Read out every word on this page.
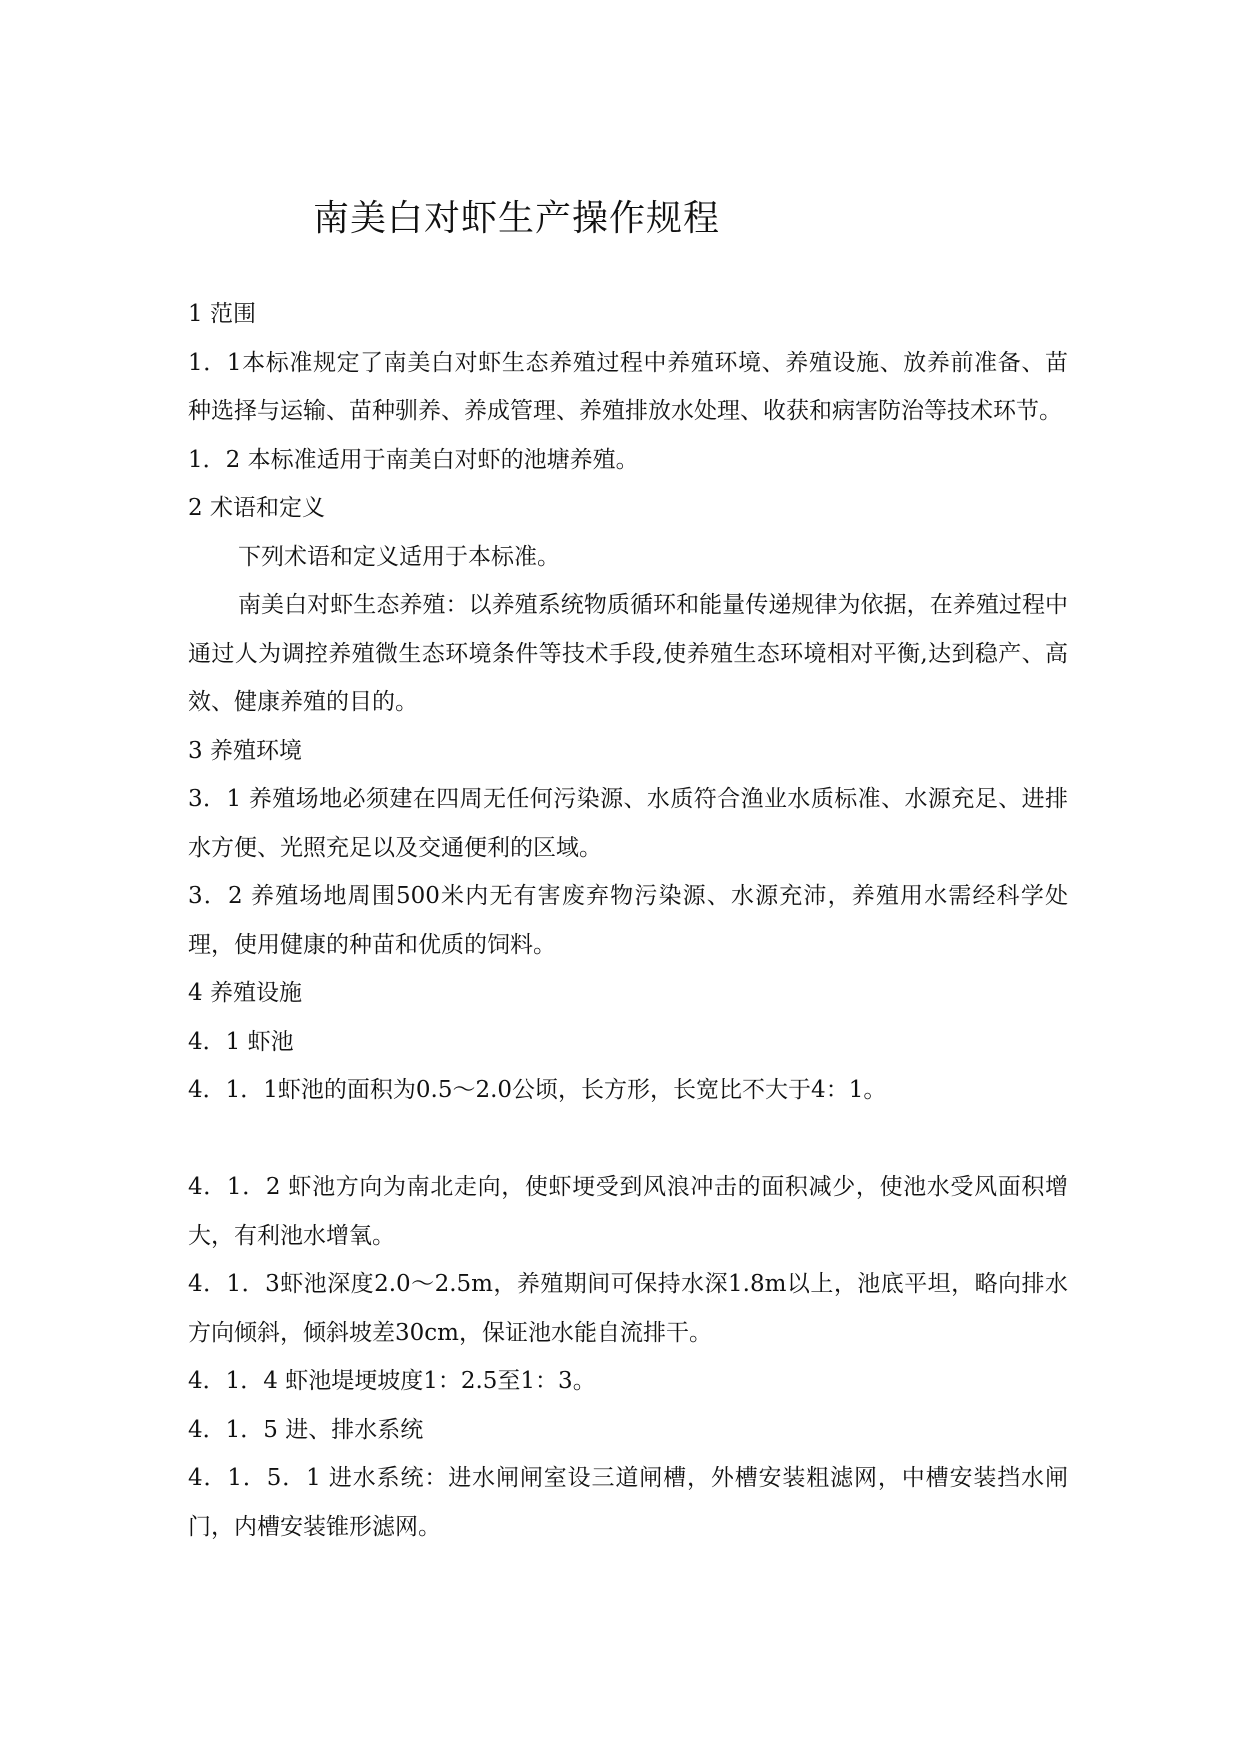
南美白对虾生产操作规程

1 范围

1．1本标准规定了南美白对虾生态养殖过程中养殖环境、养殖设施、放养前准备、苗种选择与运输、苗种驯养、养成管理、养殖排放水处理、收获和病害防治等技术环节。

1．2 本标准适用于南美白对虾的池塘养殖。

2 术语和定义

下列术语和定义适用于本标准。

南美白对虾生态养殖：以养殖系统物质循环和能量传递规律为依据，在养殖过程中通过人为调控养殖微生态环境条件等技术手段,使养殖生态环境相对平衡,达到稳产、高效、健康养殖的目的。

3 养殖环境

3．1 养殖场地必须建在四周无任何污染源、水质符合渔业水质标准、水源充足、进排水方便、光照充足以及交通便利的区域。

3．2 养殖场地周围500米内无有害废弃物污染源、水源充沛，养殖用水需经科学处理，使用健康的种苗和优质的饲料。

4 养殖设施

4．1 虾池

4．1．1虾池的面积为0.5～2.0公顷，长方形，长宽比不大于4：1。

4．1．2 虾池方向为南北走向，使虾埂受到风浪冲击的面积减少，使池水受风面积增大，有利池水增氧。

4．1．3虾池深度2.0～2.5m，养殖期间可保持水深1.8m以上，池底平坦，略向排水方向倾斜，倾斜坡差30cm，保证池水能自流排干。

4．1．4 虾池堤埂坡度1：2.5至1：3。

4．1．5 进、排水系统

4．1．5．1 进水系统：进水闸闸室设三道闸槽，外槽安装粗滤网，中槽安装挡水闸门，内槽安装锥形滤网。
